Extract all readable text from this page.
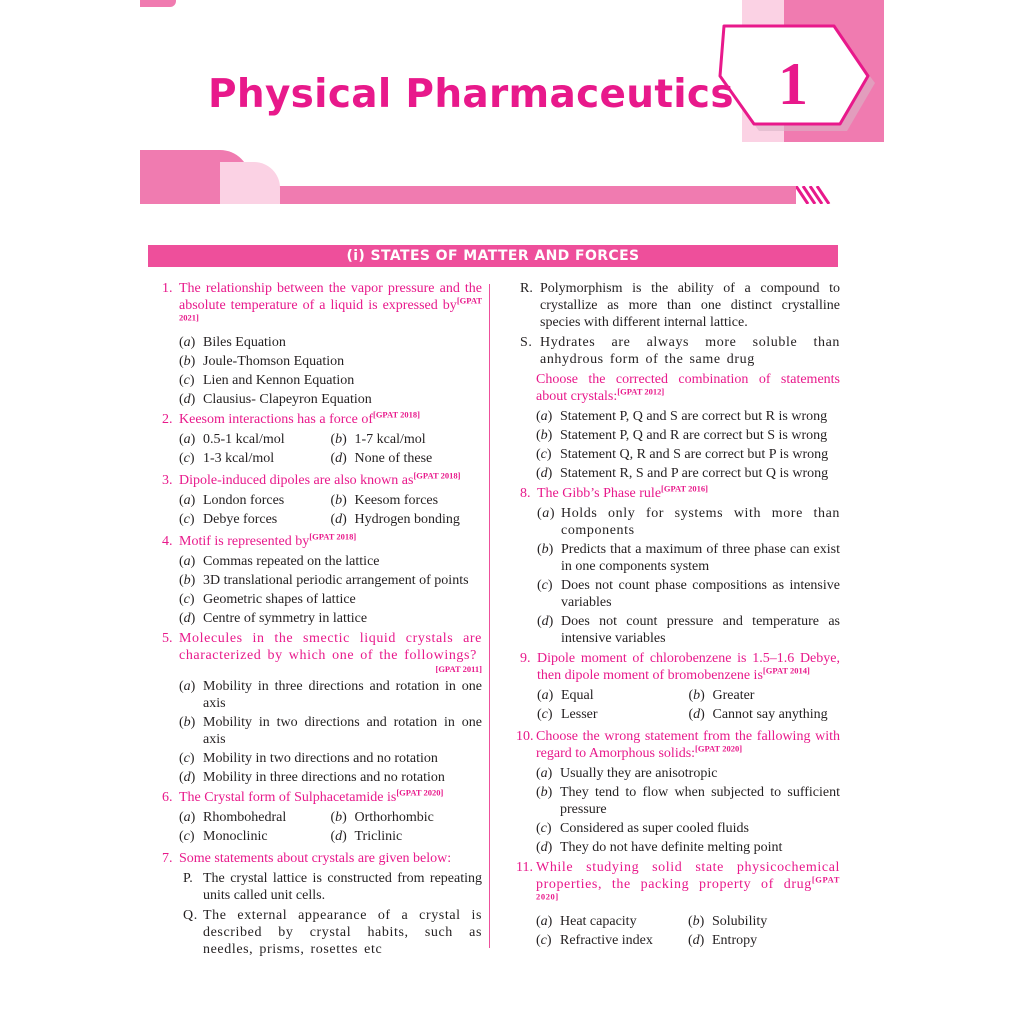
1
Physical Pharmaceutics
(i) STATES OF MATTER AND FORCES
1. The relationship between the vapor pressure and the absolute temperature of a liquid is expressed by[GPAT 2021]
(a) Biles Equation
(b) Joule-Thomson Equation
(c) Lien and Kennon Equation
(d) Clausius- Clapeyron Equation
2. Keesom interactions has a force of[GPAT 2018]
(a) 0.5-1 kcal/mol	(b) 1-7 kcal/mol
(c) 1-3 kcal/mol	(d) None of these
3. Dipole-induced dipoles are also known as[GPAT 2018]
(a) London forces	(b) Keesom forces
(c) Debye forces	(d) Hydrogen bonding
4. Motif is represented by[GPAT 2018]
(a) Commas repeated on the lattice
(b) 3D translational periodic arrangement of points
(c) Geometric shapes of lattice
(d) Centre of symmetry in lattice
5. Molecules in the smectic liquid crystals are characterized by which one of the followings?
[GPAT 2011]
(a) Mobility in three directions and rotation in one axis
(b) Mobility in two directions and rotation in one axis
(c) Mobility in two directions and no rotation
(d) Mobility in three directions and no rotation
6. The Crystal form of Sulphacetamide is[GPAT 2020]
(a) Rhombohedral	(b) Orthorhombic
(c) Monoclinic	(d) Triclinic
7. Some statements about crystals are given below:
P. The crystal lattice is constructed from repeating units called unit cells.
Q. The external appearance of a crystal is described by crystal habits, such as needles, prisms, rosettes etc
R. Polymorphism is the ability of a compound to crystallize as more than one distinct crystalline species with different internal lattice.
S. Hydrates are always more soluble than anhydrous form of the same drug
Choose the corrected combination of statements about crystals:[GPAT 2012]
(a) Statement P, Q and S are correct but R is wrong
(b) Statement P, Q and R are correct but S is wrong
(c) Statement Q, R and S are correct but P is wrong
(d) Statement R, S and P are correct but Q is wrong
8. The Gibb’s Phase rule[GPAT 2016]
(a) Holds only for systems with more than components
(b) Predicts that a maximum of three phase can exist in one components system
(c) Does not count phase compositions as intensive variables
(d) Does not count pressure and temperature as intensive variables
9. Dipole moment of chlorobenzene is 1.5–1.6 Debye, then dipole moment of bromobenzene is[GPAT 2014]
(a) Equal	(b) Greater
(c) Lesser	(d) Cannot say anything
10. Choose the wrong statement from the fallowing with regard to Amorphous solids:[GPAT 2020]
(a) Usually they are anisotropic
(b) They tend to flow when subjected to sufficient pressure
(c) Considered as super cooled fluids
(d) They do not have definite melting point
11. While studying solid state physicochemical properties, the packing property of drug[GPAT 2020]
(a) Heat capacity	(b) Solubility
(c) Refractive index	(d) Entropy
